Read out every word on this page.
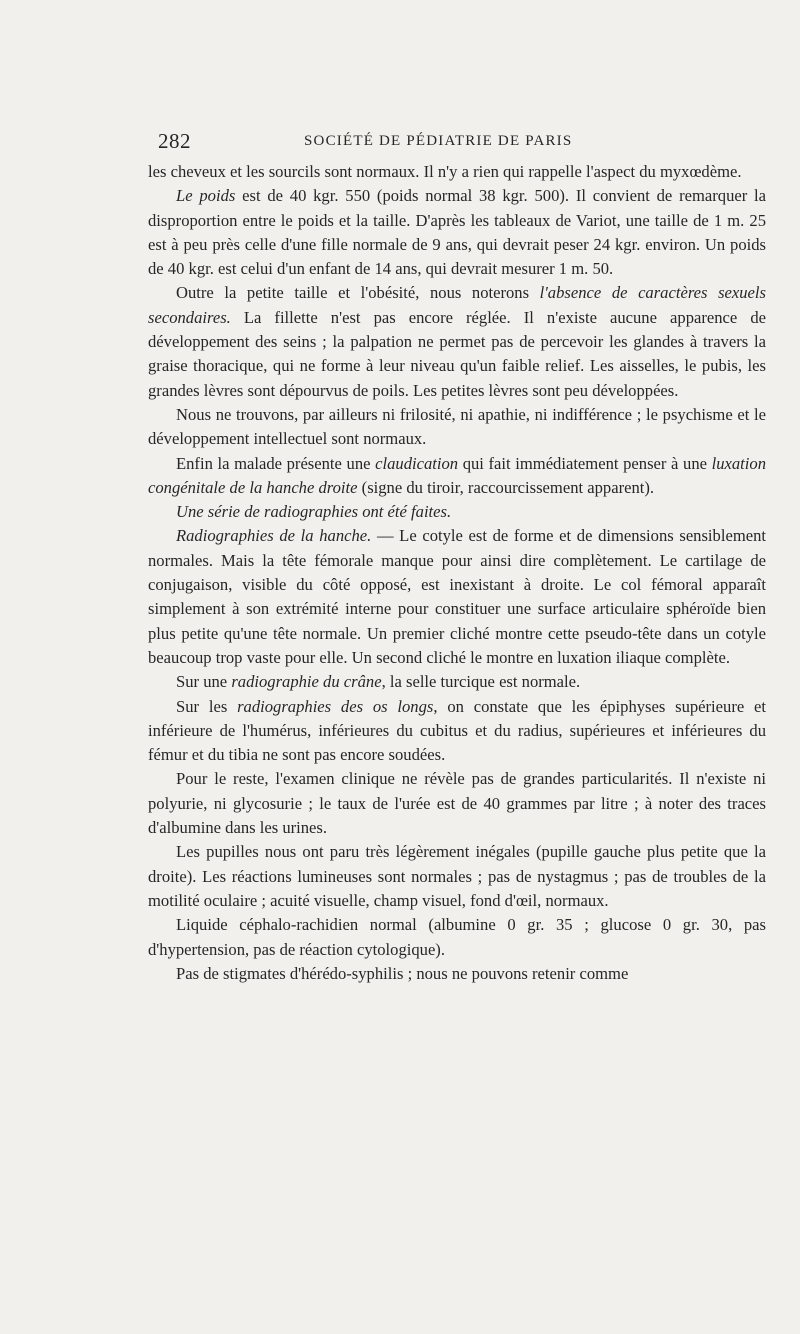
282	SOCIÉTÉ DE PÉDIATRIE DE PARIS

les cheveux et les sourcils sont normaux. Il n'y a rien qui rappelle l'aspect du myxœdème.

Le poids est de 40 kgr. 550 (poids normal 38 kgr. 500). Il convient de remarquer la disproportion entre le poids et la taille. D'après les tableaux de Variot, une taille de 1 m. 25 est à peu près celle d'une fille normale de 9 ans, qui devrait peser 24 kgr. environ. Un poids de 40 kgr. est celui d'un enfant de 14 ans, qui devrait mesurer 1 m. 50.

Outre la petite taille et l'obésité, nous noterons l'absence de caractères sexuels secondaires. La fillette n'est pas encore réglée. Il n'existe aucune apparence de développement des seins ; la palpation ne permet pas de percevoir les glandes à travers la graise thoracique, qui ne forme à leur niveau qu'un faible relief. Les aisselles, le pubis, les grandes lèvres sont dépourvus de poils. Les petites lèvres sont peu développées.

Nous ne trouvons, par ailleurs ni frilosité, ni apathie, ni indifférence ; le psychisme et le développement intellectuel sont normaux.

Enfin la malade présente une claudication qui fait immédiatement penser à une luxation congénitale de la hanche droite (signe du tiroir, raccourcissement apparent).

Une série de radiographies ont été faites.

Radiographies de la hanche. — Le cotyle est de forme et de dimensions sensiblement normales. Mais la tête fémorale manque pour ainsi dire complètement. Le cartilage de conjugaison, visible du côté opposé, est inexistant à droite. Le col fémoral apparaît simplement à son extrémité interne pour constituer une surface articulaire sphéroïde bien plus petite qu'une tête normale. Un premier cliché montre cette pseudo-tête dans un cotyle beaucoup trop vaste pour elle. Un second cliché le montre en luxation iliaque complète.

Sur une radiographie du crâne, la selle turcique est normale.

Sur les radiographies des os longs, on constate que les épiphyses supérieure et inférieure de l'humérus, inférieures du cubitus et du radius, supérieures et inférieures du fémur et du tibia ne sont pas encore soudées.

Pour le reste, l'examen clinique ne révèle pas de grandes particularités. Il n'existe ni polyurie, ni glycosurie ; le taux de l'urée est de 40 grammes par litre ; à noter des traces d'albumine dans les urines.

Les pupilles nous ont paru très légèrement inégales (pupille gauche plus petite que la droite). Les réactions lumineuses sont normales ; pas de nystagmus ; pas de troubles de la motilité oculaire ; acuité visuelle, champ visuel, fond d'œil, normaux.

Liquide céphalo-rachidien normal (albumine 0 gr. 35 ; glucose 0 gr. 30, pas d'hypertension, pas de réaction cytologique).

Pas de stigmates d'hérédo-syphilis ; nous ne pouvons retenir comme
